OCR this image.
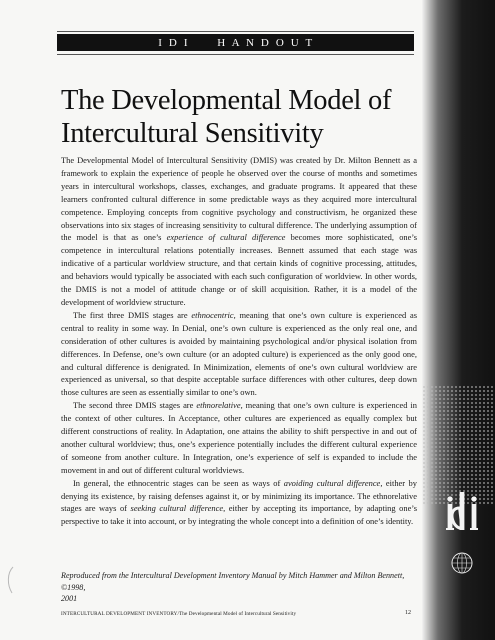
I  D  I         H  A  N  D  O  U  T
The Developmental Model of
Intercultural Sensitivity

The Developmental Model of Intercultural Sensitivity (DMIS) was created by Dr. Milton Bennett as a framework to explain the experience of people he observed over the course of months and sometimes years in intercultural workshops, classes, exchanges, and graduate programs. It appeared that these learners confronted cultural difference in some predictable ways as they acquired more intercultural competence. Employing concepts from cognitive psychology and constructivism, he organized these observations into six stages of increasing sensitivity to cultural difference. The underlying assumption of the model is that as one’s experience of cultural difference becomes more sophisticated, one’s competence in intercultural relations potentially increases. Bennett assumed that each stage was indicative of a particular worldview structure, and that certain kinds of cognitive processing, attitudes, and behaviors would typically be associated with each such configuration of worldview. In other words, the DMIS is not a model of attitude change or of skill acquisition. Rather, it is a model of the development of worldview structure.

The first three DMIS stages are ethnocentric, meaning that one’s own culture is experienced as central to reality in some way. In Denial, one’s own culture is experienced as the only real one, and consideration of other cultures is avoided by maintaining psychological and/or physical isolation from differences. In Defense, one’s own culture (or an adopted culture) is experienced as the only good one, and cultural difference is denigrated. In Minimization, elements of one’s own cultural worldview are experienced as universal, so that despite acceptable surface differences with other cultures, deep down those cultures are seen as essentially similar to one’s own.

The second three DMIS stages are ethnorelative, meaning that one’s own culture is experienced in the context of other cultures. In Acceptance, other cultures are experienced as equally complex but different constructions of reality. In Adaptation, one attains the ability to shift perspective in and out of another cultural worldview; thus, one’s experience potentially includes the different cultural experience of someone from another culture. In Integration, one’s experience of self is expanded to include the movement in and out of different cultural worldviews.

In general, the ethnocentric stages can be seen as ways of avoiding cultural difference, either by denying its existence, by raising defenses against it, or by minimizing its importance. The ethnorelative stages are ways of seeking cultural difference, either by accepting its importance, by adapting one’s perspective to take it into account, or by integrating the whole concept into a definition of one’s identity.

Reproduced from the Intercultural Development Inventory Manual by Mitch Hammer and Milton Bennett, ©1998,
2001
INTERCULTURAL DEVELOPMENT INVENTORY/The Developmental Model of Intercultural Sensitivity	12
